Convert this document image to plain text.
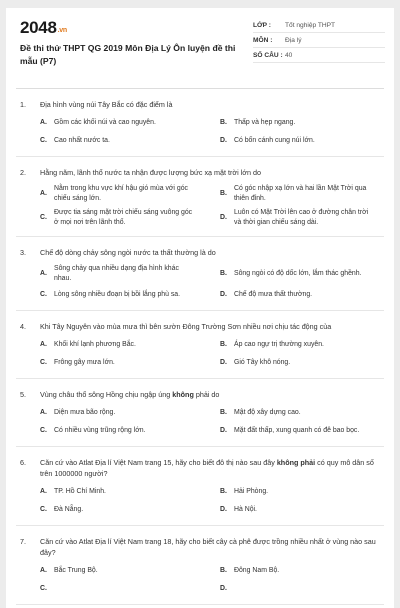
2048.vn
Đề thi thử THPT QG 2019 Môn Địa Lý Ôn luyện đề thi mẫu (P7)
LỚP :	Tốt nghiệp THPT
MÔN :	Địa lý
SỐ CÂU : 40
1.	Địa hình vùng núi Tây Bắc có đặc điểm là
A.	Gồm các khối núi và cao nguyên.	B.	Thấp và hẹp ngang.
C.	Cao nhất nước ta.	D.	Có bốn cánh cung núi lớn.
2.	Hằng năm, lãnh thổ nước ta nhận được lượng bức xạ mặt trời lớn do
A.
Nằm trong khu vực khí hậu gió mùa với góc chiếu sáng lớn.
B.
Có góc nhập xạ lớn và hai lần Mặt Trời qua thiên đỉnh.
C.
Được tia sáng mặt trời chiếu sáng vuông góc ở mọi nơi trên lãnh thổ.
D.
Luôn có Mặt Trời lên cao ở đường chân trời và thời gian chiếu sáng dài.
3.	Chế độ dòng chảy sông ngòi nước ta thất thường là do
A.
Sông chảy qua nhiều dạng địa hình khác nhau.
B.	Sông ngòi có độ dốc lớn, lắm thác ghềnh.
C.	Lòng sông nhiều đoạn bị bồi lắng phù sa.	D.	Chế độ mưa thất thường.
4.	Khi Tây Nguyên vào mùa mưa thì bên sườn Đông Trường Sơn nhiều nơi chịu tác động của
A.	Khối khí lạnh phương Bắc.	B.	Áp cao ngự trị thường xuyên.
C.	Frông gây mưa lớn.	D.	Gió Tây khô nóng.
5.	Vùng châu thổ sông Hồng chịu ngập úng không phải do
A.	Diện mưa bão rộng.	B.	Mật độ xây dựng cao.
C.	Có nhiều vùng trũng rộng lớn.	D.	Mặt đất thấp, xung quanh có đê bao bọc.
6.	Căn cứ vào Atlat Địa lí Việt Nam trang 15, hãy cho biết đô thị nào sau đây không phải có quy mô dân số trên 1000000 người?
A.	TP. Hồ Chí Minh.	B.	Hải Phòng.
C.	Đà Nẵng.	D.	Hà Nội.
7.	Căn cứ vào Atlat Địa lí Việt Nam trang 18, hãy cho biết cây cà phê được trồng nhiều nhất ở vùng nào sau đây?
A.	Bắc Trung Bộ.	B.	Đông Nam Bộ.
C.	D.
